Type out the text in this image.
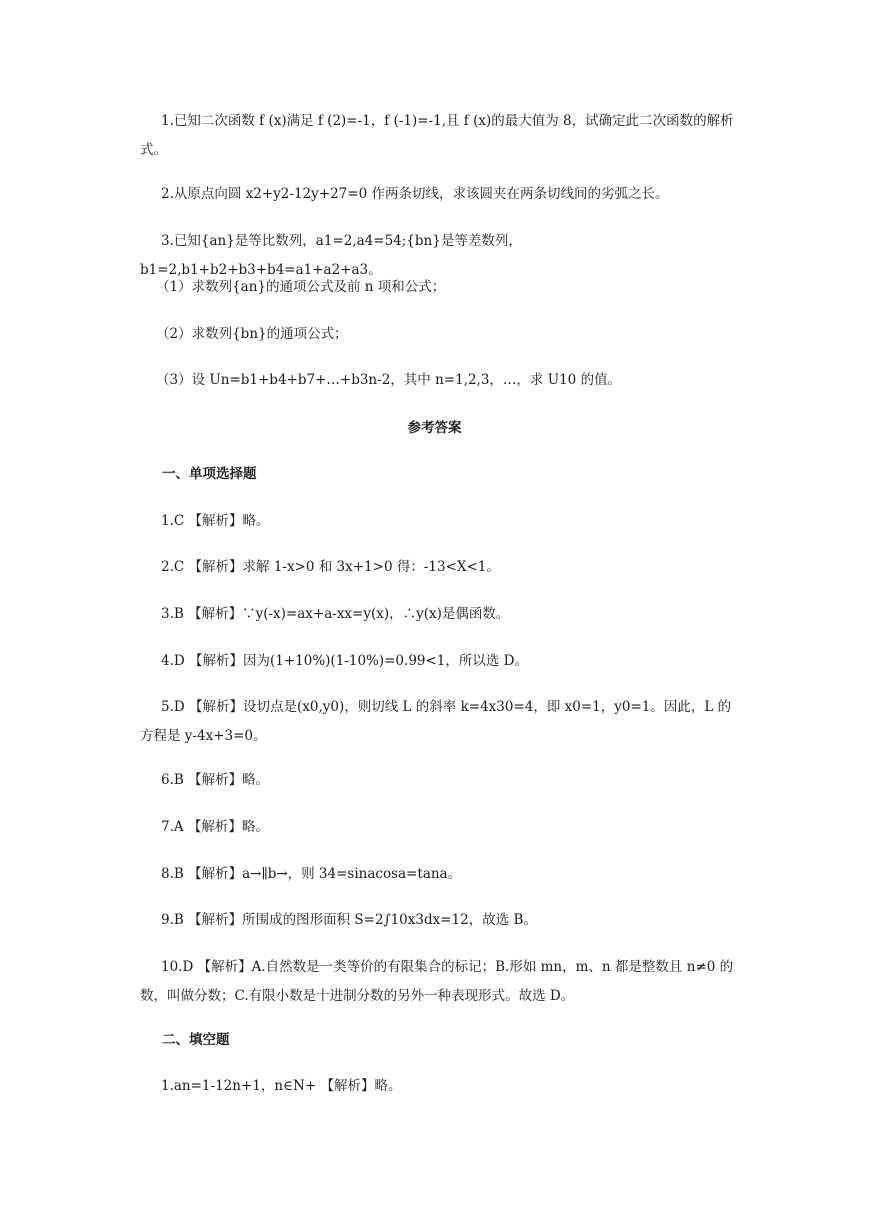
1.已知二次函数 f (x)满足 f (2)=-1，f (-1)=-1,且 f (x)的最大值为 8，试确定此二次函数的解析式。

2.从原点向圆 x2+y2-12y+27=0 作两条切线，求该圆夹在两条切线间的劣弧之长。

3.已知{an}是等比数列，a1=2,a4=54;{bn}是等差数列，b1=2,b1+b2+b3+b4=a1+a2+a3。

（1）求数列{an}的通项公式及前 n 项和公式；

（2）求数列{bn}的通项公式；

（3）设 Un=b1+b4+b7+…+b3n-2，其中 n=1,2,3，…，求 U10 的值。

参考答案

一、单项选择题

1.C 【解析】略。

2.C 【解析】求解 1-x>0 和 3x+1>0 得：-13<X<1。

3.B 【解析】∵y(-x)=ax+a-xx=y(x)，∴y(x)是偶函数。

4.D 【解析】因为(1+10%)(1-10%)=0.99<1，所以选 D。

5.D 【解析】设切点是(x0,y0)，则切线 L 的斜率 k=4x30=4，即 x0=1，y0=1。因此，L 的方程是 y-4x+3=0。

6.B 【解析】略。

7.A 【解析】略。

8.B 【解析】a→∥b→，则 34=sinacosa=tana。

9.B 【解析】所围成的图形面积 S=2∫10x3dx=12，故选 B。

10.D 【解析】A.自然数是一类等价的有限集合的标记；B.形如 mn，m、n 都是整数且 n≠0 的数，叫做分数；C.有限小数是十进制分数的另外一种表现形式。故选 D。

二、填空题

1.an=1-12n+1，n∈N+ 【解析】略。
